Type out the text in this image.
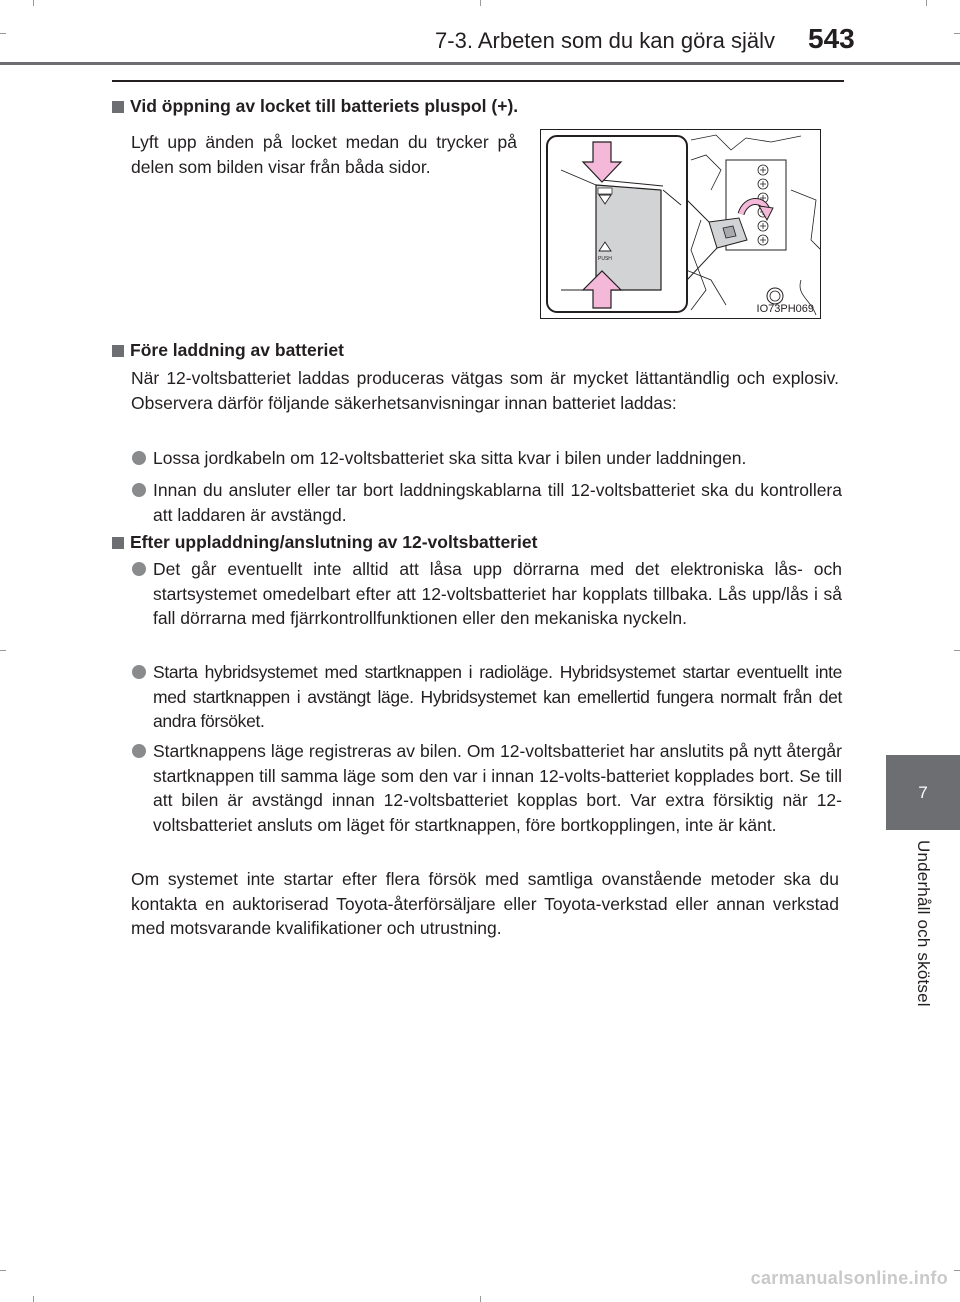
7-3. Arbeten som du kan göra själv 543
7
Underhåll och skötsel
Vid öppning av locket till batteriets pluspol (+).

Lyft upp änden på locket medan du trycker på delen som bilden visar från båda sidor.

PUSH
IO73PH069
Före laddning av batteriet

När 12-voltsbatteriet laddas produceras vätgas som är mycket lättantändlig och explosiv. Observera därför följande säkerhetsanvisningar innan batteriet laddas:

Lossa jordkabeln om 12-voltsbatteriet ska sitta kvar i bilen under laddningen.
Innan du ansluter eller tar bort laddningskablarna till 12-voltsbatteriet ska du kontrollera att laddaren är avstängd.
Efter uppladdning/anslutning av 12-voltsbatteriet
Det går eventuellt inte alltid att låsa upp dörrarna med det elektroniska lås- och startsystemet omedelbart efter att 12-voltsbatteriet har kopplats tillbaka. Lås upp/lås i så fall dörrarna med fjärrkontrollfunktionen eller den mekaniska nyckeln.
Starta hybridsystemet med startknappen i radioläge. Hybridsystemet startar eventuellt inte med startknappen i avstängt läge. Hybridsystemet kan emellertid fungera normalt från det andra försöket.
Startknappens läge registreras av bilen. Om 12-voltsbatteriet har anslutits på nytt återgår startknappen till samma läge som den var i innan 12-volts-batteriet kopplades bort. Se till att bilen är avstängd innan 12-voltsbatteriet kopplas bort. Var extra försiktig när 12-voltsbatteriet ansluts om läget för startknappen, före bortkopplingen, inte är känt.

Om systemet inte startar efter flera försök med samtliga ovanstående metoder ska du kontakta en auktoriserad Toyota-återförsäljare eller Toyota-verkstad eller annan verkstad med motsvarande kvalifikationer och utrustning.

carmanualsonline.info
